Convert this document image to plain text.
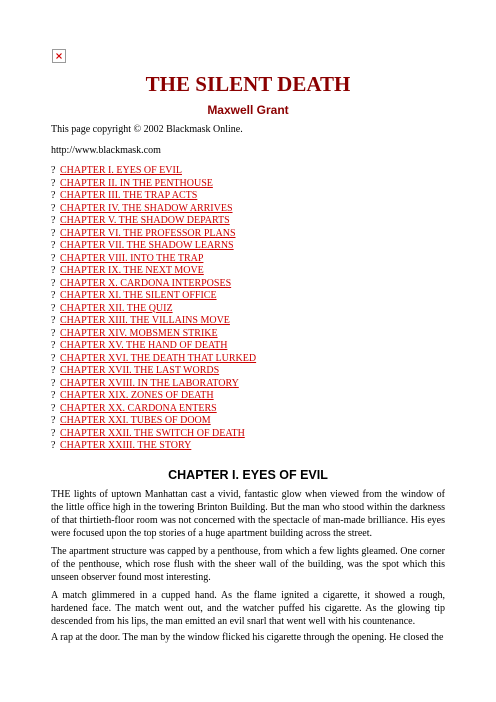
THE SILENT DEATH
Maxwell Grant
This page copyright © 2002 Blackmask Online.
http://www.blackmask.com
? CHAPTER I. EYES OF EVIL
? CHAPTER II. IN THE PENTHOUSE
? CHAPTER III. THE TRAP ACTS
? CHAPTER IV. THE SHADOW ARRIVES
? CHAPTER V. THE SHADOW DEPARTS
? CHAPTER VI. THE PROFESSOR PLANS
? CHAPTER VII. THE SHADOW LEARNS
? CHAPTER VIII. INTO THE TRAP
? CHAPTER IX. THE NEXT MOVE
? CHAPTER X. CARDONA INTERPOSES
? CHAPTER XI. THE SILENT OFFICE
? CHAPTER XII. THE QUIZ
? CHAPTER XIII. THE VILLAINS MOVE
? CHAPTER XIV. MOBSMEN STRIKE
? CHAPTER XV. THE HAND OF DEATH
? CHAPTER XVI. THE DEATH THAT LURKED
? CHAPTER XVII. THE LAST WORDS
? CHAPTER XVIII. IN THE LABORATORY
? CHAPTER XIX. ZONES OF DEATH
? CHAPTER XX. CARDONA ENTERS
? CHAPTER XXI. TUBES OF DOOM
? CHAPTER XXII. THE SWITCH OF DEATH
? CHAPTER XXIII. THE STORY
CHAPTER I. EYES OF EVIL

THE lights of uptown Manhattan cast a vivid, fantastic glow when viewed from the window of the little office high in the towering Brinton Building. But the man who stood within the darkness of that thirtieth-floor room was not concerned with the spectacle of man-made brilliance. His eyes were focused upon the top stories of a huge apartment building across the street.

The apartment structure was capped by a penthouse, from which a few lights gleamed. One corner of the penthouse, which rose flush with the sheer wall of the building, was the spot which this unseen observer found most interesting.

A match glimmered in a cupped hand. As the flame ignited a cigarette, it showed a rough, hardened face. The match went out, and the watcher puffed his cigarette. As the glowing tip descended from his lips, the man emitted an evil snarl that went well with his countenance.

A rap at the door. The man by the window flicked his cigarette through the opening. He closed the
